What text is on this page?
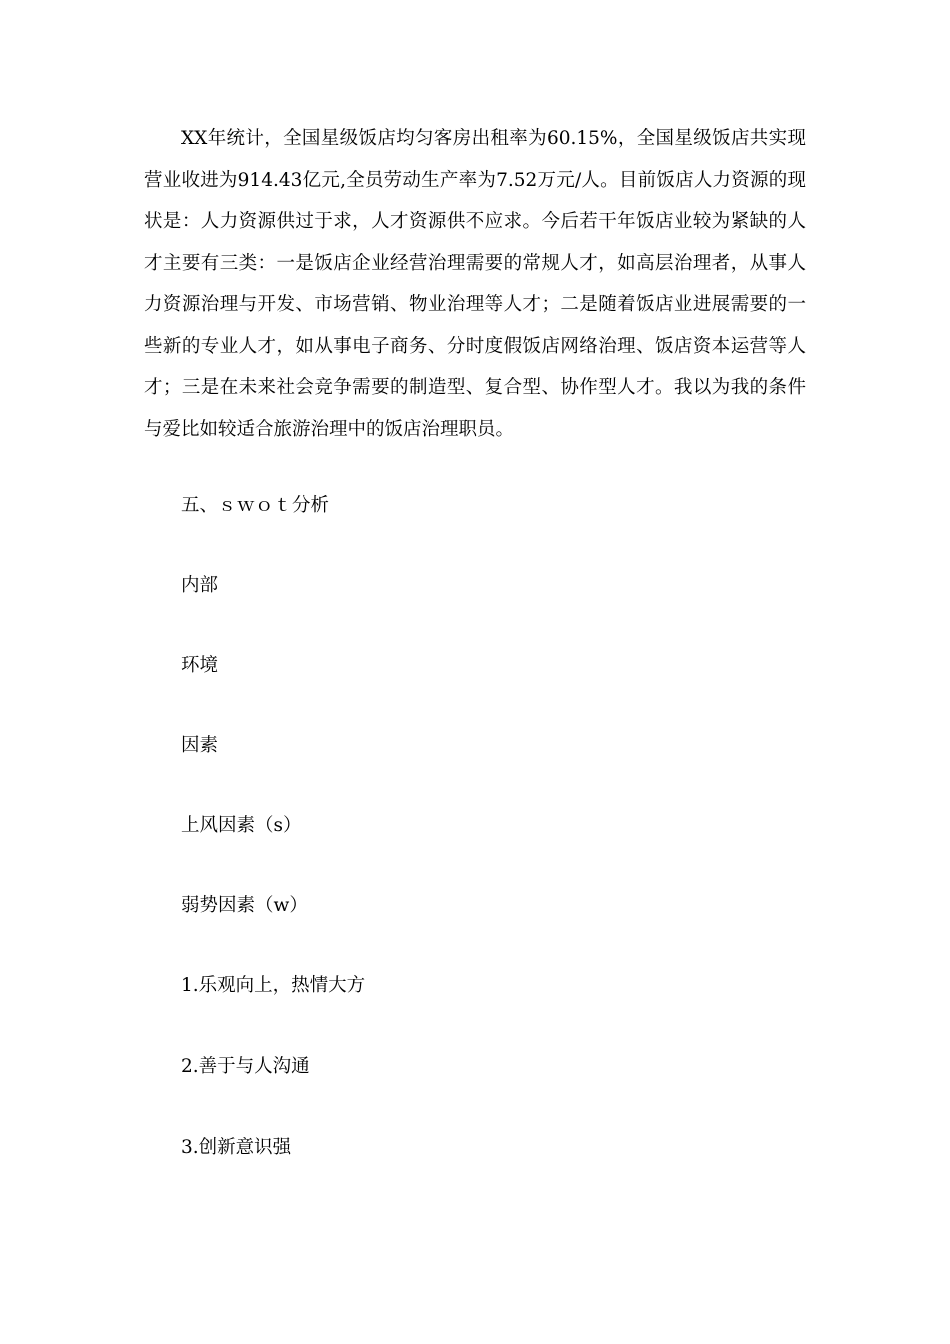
XX年统计，全国星级饭店均匀客房出租率为60.15%，全国星级饭店共实现营业收进为914.43亿元,全员劳动生产率为7.52万元/人。目前饭店人力资源的现状是：人力资源供过于求，人才资源供不应求。今后若干年饭店业较为紧缺的人才主要有三类：一是饭店企业经营治理需要的常规人才，如高层治理者，从事人力资源治理与开发、市场营销、物业治理等人才；二是随着饭店业进展需要的一些新的专业人才，如从事电子商务、分时度假饭店网络治理、饭店资本运营等人才；三是在未来社会竞争需要的制造型、复合型、协作型人才。我以为我的条件与爱比如较适合旅游治理中的饭店治理职员。

五、ｓｗｏｔ分析

内部

环境

因素

上风因素（s）

弱势因素（w）

1.乐观向上，热情大方

2.善于与人沟通

3.创新意识强
